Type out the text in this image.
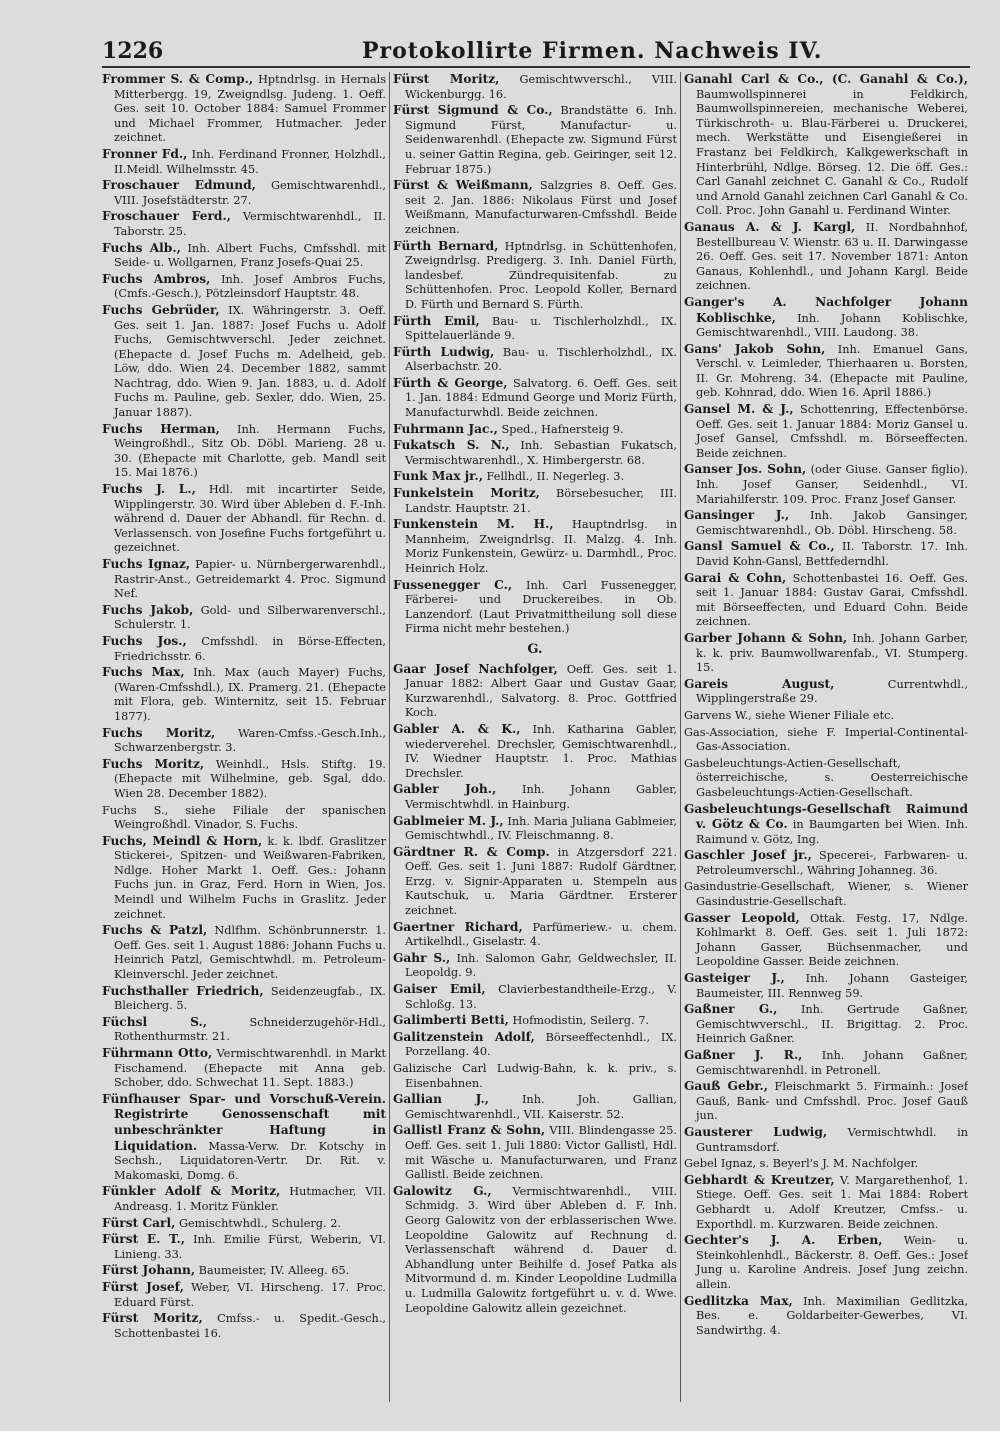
1226	Protokollirte Firmen. Nachweis IV.
Frommer S. & Comp., Hptndrlsg. in Hernals Mitterbergg. 19, Zweigndlsg. Judeng. 1. Oeff. Ges. seit 10. October 1884: Samuel Frommer und Michael Frommer, Hutmacher. Jeder zeichnet.
Fronner Fd., Inh. Ferdinand Fronner, Holzhdl., II.Meidl. Wilhelmsstr. 45.
Froschauer Edmund, Gemischtwarenhdl., VIII. Josefstädterstr. 27.
Froschauer Ferd., Vermischtwarenhdl., II. Taborstr. 25.
Fuchs Alb., Inh. Albert Fuchs, Cmfsshdl. mit Seide- u. Wollgarnen, Franz Josefs-Quai 25.
Fuchs Ambros, Inh. Josef Ambros Fuchs, (Cmfs.-Gesch.), Pötzleinsdorf Hauptstr. 48.
Fuchs Gebrüder, IX. Währingerstr. 3. Oeff. Ges. seit 1. Jan. 1887: Josef Fuchs u. Adolf Fuchs, Gemischtwverschl. Jeder zeichnet. (Ehepacte d. Josef Fuchs m. Adelheid, geb. Löw, ddo. Wien 24. December 1882, sammt Nachtrag, ddo. Wien 9. Jan. 1883, u. d. Adolf Fuchs m. Pauline, geb. Sexler, ddo. Wien, 25. Januar 1887).
Fuchs Herman, Inh. Hermann Fuchs, Weingroßhdl., Sitz Ob. Döbl. Marieng. 28 u. 30. (Ehepacte mit Charlotte, geb. Mandl seit 15. Mai 1876.)
Fuchs J. L., Hdl. mit incartirter Seide, Wipplingerstr. 30. Wird über Ableben d. F.-Inh. während d. Dauer der Abhandl. für Rechn. d. Verlassensch. von Josefine Fuchs fortgeführt u. gezeichnet.
Fuchs Ignaz, Papier- u. Nürnbergerwarenhdl., Rastrir-Anst., Getreidemarkt 4. Proc. Sigmund Nef.
Fuchs Jakob, Gold- und Silberwarenverschl., Schulerstr. 1.
Fuchs Jos., Cmfsshdl. in Börse-Effecten, Friedrichsstr. 6.
Fuchs Max, Inh. Max (auch Mayer) Fuchs, (Waren-Cmfsshdl.), IX. Pramerg. 21. (Ehepacte mit Flora, geb. Winternitz, seit 15. Februar 1877).
Fuchs Moritz, Waren-Cmfss.-Gesch.Inh., Schwarzenbergstr. 3.
Fuchs Moritz, Weinhdl., Hsls. Stiftg. 19. (Ehepacte mit Wilhelmine, geb. Sgal, ddo. Wien 28. December 1882).
Fuchs S., siehe Filiale der spanischen Weingroßhdl. Vinador, S. Fuchs.
Fuchs, Meindl & Horn, k. k. lbdf. Graslitzer Stickerei-, Spitzen- und Weißwaren-Fabriken, Ndlge. Hoher Markt 1. Oeff. Ges.: Johann Fuchs jun. in Graz, Ferd. Horn in Wien, Jos. Meindl und Wilhelm Fuchs in Graslitz. Jeder zeichnet.
Fuchs & Patzl, Ndlfhm. Schönbrunnerstr. 1. Oeff. Ges. seit 1. August 1886: Johann Fuchs u. Heinrich Patzl, Gemischtwhdl. m. Petroleum-Kleinverschl. Jeder zeichnet.
Fuchsthaller Friedrich, Seidenzeugfab., IX. Bleicherg. 5.
Füchsl S.,	Schneiderzugehör-Hdl., Rothenthurmstr. 21.
Führmann Otto, Vermischtwarenhdl. in Markt Fischamend. (Ehepacte mit Anna geb. Schober, ddo. Schwechat 11. Sept. 1883.)
Fünfhauser Spar- und Vorschuß-Verein. Registrirte Genossenschaft mit unbeschränkter Haftung in Liquidation. Massa-Verw. Dr. Kotschy in Sechsh., Liquidatoren-Vertr. Dr. Rit. v. Makomaski, Domg. 6.
Fünkler Adolf & Moritz, Hutmacher, VII. Andreasg. 1. Moritz Fünkler.
Fürst Carl, Gemischtwhdl., Schulerg. 2.
Fürst E. T., Inh. Emilie Fürst, Weberin, VI. Linieng. 33.
Fürst Johann, Baumeister, IV. Alleeg. 65.
Fürst Josef, Weber, VI. Hirscheng. 17. Proc. Eduard Fürst.
Fürst Moritz, Cmfss.- u. Spedit.-Gesch., Schottenbastei 16.
Fürst Moritz, Gemischtwverschl., VIII. Wickenburgg. 16.
Fürst Sigmund & Co., Brandstätte 6. Inh. Sigmund Fürst, Manufactur- u. Seidenwarenhdl. (Ehepacte zw. Sigmund Fürst u. seiner Gattin Regina, geb. Geiringer, seit 12. Februar 1875.)
Fürst & Weißmann, Salzgries 8. Oeff. Ges. seit 2. Jan. 1886: Nikolaus Fürst und Josef Weißmann, Manufacturwaren-Cmfsshdl. Beide zeichnen.
Fürth Bernard, Hptndrlsg. in Schüttenhofen, Zweigndrlsg. Predigerg. 3. Inh. Daniel Fürth, landesbef. Zündrequisitenfab. zu Schüttenhofen. Proc. Leopold Koller, Bernard D. Fürth und Bernard S. Fürth.
Fürth Emil, Bau- u. Tischlerholzhdl., IX. Spittelauerlände 9.
Fürth Ludwig, Bau- u. Tischlerholzhdl., IX. Alserbachstr. 20.
Fürth & George, Salvatorg. 6. Oeff. Ges. seit 1. Jan. 1884: Edmund George und Moriz Fürth, Manufacturwhdl. Beide zeichnen.
Fuhrmann Jac., Sped., Hafnersteig 9.
Fukatsch S. N., Inh. Sebastian Fukatsch, Vermischtwarenhdl., X. Himbergerstr. 68.
Funk Max jr., Fellhdl., II. Negerleg. 3.
Funkelstein Moritz, Börsebesucher, III. Landstr. Hauptstr. 21.
Funkenstein M. H., Hauptndrlsg. in Mannheim, Zweigndrlsg. II. Malzg. 4. Inh. Moriz Funkenstein, Gewürz- u. Darmhdl., Proc. Heinrich Holz.
Fussenegger C., Inh. Carl Fussenegger, Färberei- und Druckereibes. in Ob. Lanzendorf. (Laut Privatmittheilung soll diese Firma nicht mehr bestehen.)
G.
Gaar Josef Nachfolger, Oeff. Ges. seit 1. Januar 1882: Albert Gaar und Gustav Gaar, Kurzwarenhdl., Salvatorg. 8. Proc. Gottfried Koch.
Gabler A. & K., Inh. Katharina Gabler, wiederverehel. Drechsler, Gemischtwarenhdl., IV. Wiedner Hauptstr. 1. Proc. Mathias Drechsler.
Gabler Joh., Inh. Johann Gabler, Vermischtwhdl. in Hainburg.
Gablmeier M. J., Inh. Maria Juliana Gablmeier, Gemischtwhdl., IV. Fleischmanng. 8.
Gärdtner R. & Comp. in Atzgersdorf 221. Oeff. Ges. seit 1. Juni 1887: Rudolf Gärdtner, Erzg. v. Signir-Apparaten u. Stempeln aus Kautschuk, u. Maria Gärdtner. Ersterer zeichnet.
Gaertner Richard, Parfümeriew.- u. chem. Artikelhdl., Giselastr. 4.
Gahr S., Inh. Salomon Gahr, Geldwechsler, II. Leopoldg. 9.
Gaiser Emil, Clavierbestandtheile-Erzg., V. Schloßg. 13.
Galimberti Betti, Hofmodistin, Seilerg. 7.
Galitzenstein Adolf, Börseeffectenhdl., IX. Porzellang. 40.
Galizische Carl Ludwig-Bahn, k. k. priv., s. Eisenbahnen.
Gallian J.,	Inh. Joh. Gallian, Gemischtwarenhdl., VII. Kaiserstr. 52.
Gallistl Franz & Sohn, VIII. Blindengasse 25. Oeff. Ges. seit 1. Juli 1880: Victor Gallistl, Hdl. mit Wäsche u. Manufacturwaren, und Franz Gallistl. Beide zeichnen.
Galowitz G., Vermischtwarenhdl., VIII. Schmidg. 3. Wird über Ableben d. F. Inh. Georg Galowitz von der erblasserischen Wwe. Leopoldine Galowitz auf Rechnung d. Verlassenschaft während d. Dauer d. Abhandlung unter Beihilfe d. Josef Patka als Mitvormund d. m. Kinder Leopoldine Ludmilla u. Ludmilla Galowitz fortgeführt u. v. d. Wwe. Leopoldine Galowitz allein gezeichnet.
Ganahl Carl & Co., (C. Ganahl & Co.), Baumwollspinnerei in Feldkirch, Baumwollspinnereien, mechanische Weberei, Türkischroth- u. Blau-Färberei u. Druckerei, mech. Werkstätte und Eisengießerei in Frastanz bei Feldkirch, Kalkgewerkschaft in Hinterbrühl, Ndlge. Börseg. 12. Die öff. Ges.: Carl Ganahl zeichnet C. Ganahl & Co., Rudolf und Arnold Ganahl zeichnen Carl Ganahl & Co. Coll. Proc. John Ganahl u. Ferdinand Winter.
Ganaus A. & J. Kargl, II. Nordbahnhof, Bestellbureau V. Wienstr. 63 u. II. Darwingasse 26. Oeff. Ges. seit 17. November 1871: Anton Ganaus, Kohlenhdl., und Johann Kargl. Beide zeichnen.
Ganger's A. Nachfolger Johann Koblischke, Inh. Johann Koblischke, Gemischtwarenhdl., VIII. Laudong. 38.
Gans' Jakob Sohn, Inh. Emanuel Gans, Verschl. v. Leimleder, Thierhaaren u. Borsten, II. Gr. Mohreng. 34. (Ehepacte mit Pauline, geb. Kohnrad, ddo. Wien 16. April 1886.)
Gansel M. & J., Schottenring, Effectenbörse. Oeff. Ges. seit 1. Januar 1884: Moriz Gansel u. Josef Gansel, Cmfsshdl. m. Börseeffecten. Beide zeichnen.
Ganser Jos. Sohn, (oder Giuse. Ganser figlio). Inh. Josef Ganser, Seidenhdl., VI. Mariahilferstr. 109. Proc. Franz Josef Ganser.
Gansinger J., Inh. Jakob Gansinger, Gemischtwarenhdl., Ob. Döbl. Hirscheng. 58.
Gansl Samuel & Co., II. Taborstr. 17. Inh. David Kohn-Gansl, Bettfederndhl.
Garai & Cohn, Schottenbastei 16. Oeff. Ges. seit 1. Januar 1884: Gustav Garai, Cmfsshdl. mit Börseeffecten, und Eduard Cohn. Beide zeichnen.
Garber Johann & Sohn, Inh. Johann Garber, k. k. priv. Baumwollwarenfab., VI. Stumperg. 15.
Gareis August,	Currentwhdl., Wipplingerstraße 29.
Garvens W., siehe Wiener Filiale etc.
Gas-Association, siehe F. Imperial-Continental-Gas-Association.
Gasbeleuchtungs-Actien-Gesellschaft, österreichische, s. Oesterreichische Gasbeleuchtungs-Actien-Gesellschaft.
Gasbeleuchtungs-Gesellschaft Raimund v. Götz & Co. in Baumgarten bei Wien. Inh. Raimund v. Götz, Ing.
Gaschler Josef jr., Specerei-, Farbwaren- u. Petroleumverschl., Währing Johanneg. 36.
Gasindustrie-Gesellschaft, Wiener, s. Wiener Gasindustrie-Gesellschaft.
Gasser Leopold, Ottak. Festg. 17, Ndlge. Kohlmarkt 8. Oeff. Ges. seit 1. Juli 1872: Johann Gasser, Büchsenmacher, und Leopoldine Gasser. Beide zeichnen.
Gasteiger J., Inh. Johann Gasteiger, Baumeister, III. Rennweg 59.
Gaßner G., Inh. Gertrude Gaßner, Gemischtwverschl., II. Brigittag. 2. Proc. Heinrich Gaßner.
Gaßner J. R., Inh. Johann Gaßner, Gemischtwarenhdl. in Petronell.
Gauß Gebr., Fleischmarkt 5. Firmainh.: Josef Gauß, Bank- und Cmfsshdl. Proc. Josef Gauß jun.
Gausterer Ludwig, Vermischtwhdl. in Guntramsdorf.
Gebel Ignaz, s. Beyerl's J. M. Nachfolger.
Gebhardt & Kreutzer, V. Margarethenhof, 1. Stiege. Oeff. Ges. seit 1. Mai 1884: Robert Gebhardt u. Adolf Kreutzer, Cmfss.- u. Exporthdl. m. Kurzwaren. Beide zeichnen.
Gechter's J. A. Erben, Wein- u. Steinkohlenhdl., Bäckerstr. 8. Oeff. Ges.: Josef Jung u. Karoline Andreis. Josef Jung zeichn. allein.
Gedlitzka Max, Inh. Maximilian Gedlitzka, Bes. e. Goldarbeiter-Gewerbes, VI. Sandwirthg. 4.
